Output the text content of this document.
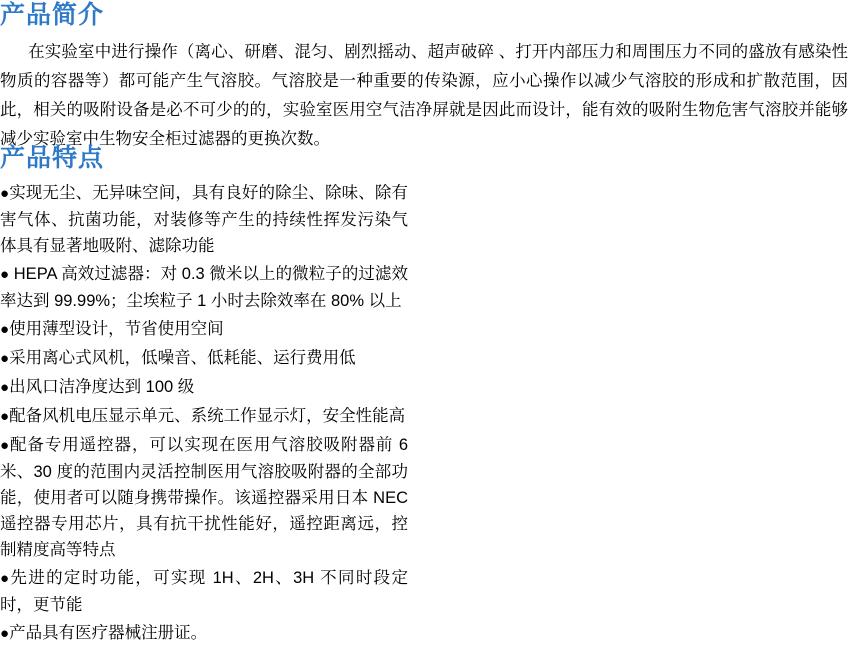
产品简介
在实验室中进行操作（离心、研磨、混匀、剧烈摇动、超声破碎 、打开内部压力和周围压力不同的盛放有感染性物质的容器等）都可能产生气溶胶。气溶胶是一种重要的传染源，应小心操作以减少气溶胶的形成和扩散范围，因此，相关的吸附设备是必不可少的的，实验室医用空气洁净屏就是因此而设计，能有效的吸附生物危害气溶胶并能够减少实验室中生物安全柜过滤器的更换次数。
产品特点

●实现无尘、无异味空间，具有良好的除尘、除味、除有害气体、抗菌功能，对装修等产生的持续性挥发污染气体具有显著地吸附、滤除功能

● HEPA 高效过滤器：对 0.3 微米以上的微粒子的过滤效率达到 99.99%；尘埃粒子 1 小时去除效率在 80% 以上

●使用薄型设计，节省使用空间

●采用离心式风机，低噪音、低耗能、运行费用低

●出风口洁净度达到 100 级

●配备风机电压显示单元、系统工作显示灯，安全性能高

●配备专用遥控器，可以实现在医用气溶胶吸附器前 6 米、30 度的范围内灵活控制医用气溶胶吸附器的全部功能，使用者可以随身携带操作。该遥控器采用日本 NEC 遥控器专用芯片，具有抗干扰性能好，遥控距离远，控制精度高等特点

●先进的定时功能，可实现 1H、2H、3H 不同时段定时，更节能

●产品具有医疗器械注册证。
